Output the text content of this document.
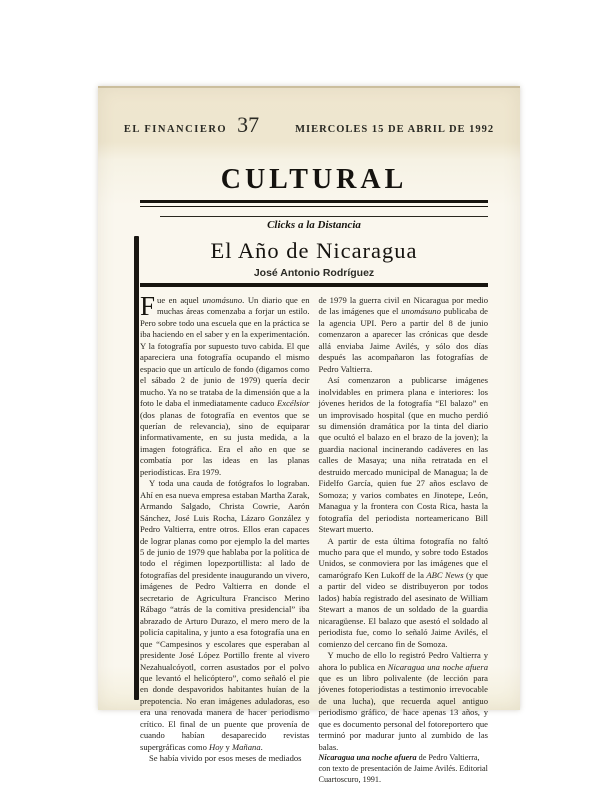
EL FINANCIERO 37	MIERCOLES 15 DE ABRIL DE 1992
CULTURAL
Clicks a la Distancia
El Año de Nicaragua
José Antonio Rodríguez

Fue en aquel unomásuno. Un diario que en muchas áreas comenzaba a forjar un estilo. Pero sobre todo una escuela que en la práctica se iba haciendo en el saber y en la experimentación. Y la fotografía por supuesto tuvo cabida. El que apareciera una fotografía ocupando el mismo espacio que un artículo de fondo (digamos como el sábado 2 de junio de 1979) quería decir mucho. Ya no se trataba de la dimensión que a la foto le daba el inmediatamente caduco Excélsior (dos planas de fotografía en eventos que se querían de relevancia), sino de equiparar informativamente, en su justa medida, a la imagen fotográfica. Era el año en que se combatía por las ideas en las planas periodísticas. Era 1979.

Y toda una cauda de fotógrafos lo lograban. Ahí en esa nueva empresa estaban Martha Zarak, Armando Salgado, Christa Cowrie, Aarón Sánchez, José Luis Rocha, Lázaro González y Pedro Valtierra, entre otros. Ellos eran capaces de lograr planas como por ejemplo la del martes 5 de junio de 1979 que hablaba por la política de todo el régimen lopezportillista: al lado de fotografías del presidente inaugurando un vivero, imágenes de Pedro Valtierra en donde el secretario de Agricultura Francisco Merino Rábago “atrás de la comitiva presidencial” iba abrazado de Arturo Durazo, el mero mero de la policía capitalina, y junto a esa fotografía una en que “Campesinos y escolares que esperaban al presidente José López Portillo frente al vivero Nezahualcóyotl, corren asustados por el polvo que levantó el helicóptero”, como señaló el pie en donde despavoridos habitantes huían de la prepotencia. No eran imágenes aduladoras, eso era una renovada manera de hacer periodismo crítico. El final de un puente que provenía de cuando habían desaparecido revistas supergráficas como Hoy y Mañana.

Se había vivido por esos meses de mediados

de 1979 la guerra civil en Nicaragua por medio de las imágenes que el unomásuno publicaba de la agencia UPI. Pero a partir del 8 de junio comenzaron a aparecer las crónicas que desde allá enviaba Jaime Avilés, y sólo dos días después las acompañaron las fotografías de Pedro Valtierra.

Así comenzaron a publicarse imágenes inolvidables en primera plana e interiores: los jóvenes heridos de la fotografía “El balazo” en un improvisado hospital (que en mucho perdió su dimensión dramática por la tinta del diario que ocultó el balazo en el brazo de la joven); la guardia nacional incinerando cadáveres en las calles de Masaya; una niña retratada en el destruido mercado municipal de Managua; la de Fidelfo García, quien fue 27 años esclavo de Somoza; y varios combates en Jinotepe, León, Managua y la frontera con Costa Rica, hasta la fotografía del periodista norteamericano Bill Stewart muerto.

A partir de esta última fotografía no faltó mucho para que el mundo, y sobre todo Estados Unidos, se conmoviera por las imágenes que el camarógrafo Ken Lukoff de la ABC News (y que a partir del video se distribuyeron por todos lados) había registrado del asesinato de William Stewart a manos de un soldado de la guardia nicaragüense. El balazo que asestó el soldado al periodista fue, como lo señaló Jaime Avilés, el comienzo del cercano fin de Somoza.

Y mucho de ello lo registró Pedro Valtierra y ahora lo publica en Nicaragua una noche afuera que es un libro polivalente (de lección para jóvenes fotoperiodistas a testimonio irrevocable de una lucha), que recuerda aquel antiguo periodismo gráfico, de hace apenas 13 años, y que es documento personal del fotoreportero que terminó por madurar junto al zumbido de las balas.

Nicaragua una noche afuera de Pedro Valtierra, con texto de presentación de Jaime Avilés. Editorial Cuartoscuro, 1991.
